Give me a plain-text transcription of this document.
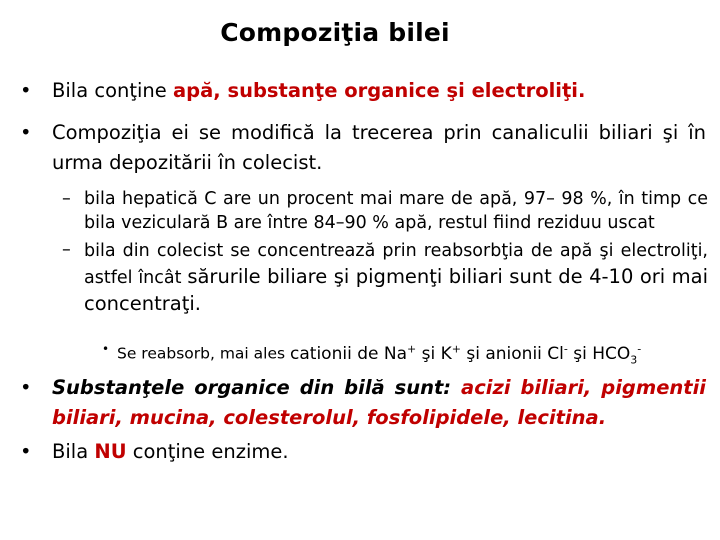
Compoziţia bilei
• Bila conţine apă, substanţe organice şi electroliţi.
• Compoziţia ei se modifică la trecerea prin canaliculii biliari şi în urma depozitării în colecist.
– bila hepatică C are un procent mai mare de apă, 97– 98 %, în timp ce bila veziculară B are între 84–90 % apă, restul fiind reziduu uscat
– bila din colecist se concentrează prin reabsorbţia de apă şi electroliţi, astfel încât sărurile biliare şi pigmenţi biliari sunt de 4-10 ori mai concentraţi.
• Se reabsorb, mai ales cationii de Na+ şi K+ şi anionii Cl- şi $HCO_3^-$
• Substanţele organice din bilă sunt: acizi biliari, pigmentii biliari, mucina, colesterolul, fosfolipidele, lecitina.
• Bila NU conţine enzime.
